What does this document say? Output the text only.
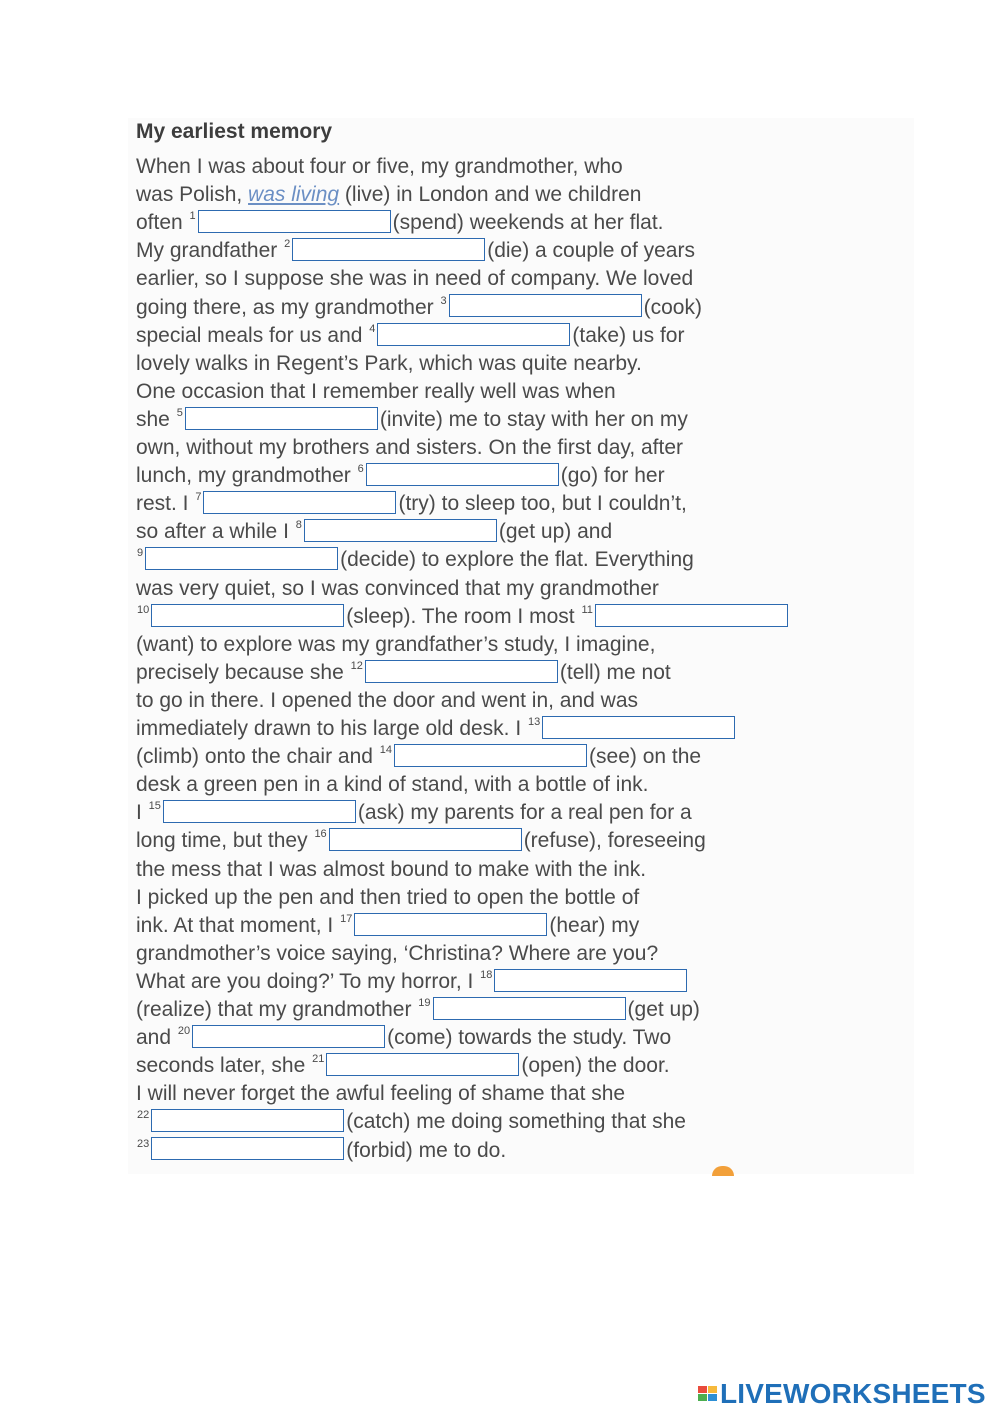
My earliest memory
When I was about four or five, my grandmother, who
was Polish, was living (live) in London and we children
often $^1$	(spend) weekends at her flat.
My grandfather $^2$	(die) a couple of years
earlier, so I suppose she was in need of company. We loved
going there, as my grandmother $^3$	(cook)
special meals for us and $^4$	(take) us for
lovely walks in Regent’s Park, which was quite nearby.
One occasion that I remember really well was when
she $^5$	(invite) me to stay with her on my
own, without my brothers and sisters. On the first day, after
lunch, my grandmother $^6$	(go) for her
rest. I $^7$	(try) to sleep too, but I couldn’t,
so after a while I $^8$	(get up) and
$^9$	(decide) to explore the flat. Everything
was very quiet, so I was convinced that my grandmother
$^{10}$	(sleep). The room I most $^{11}$
(want) to explore was my grandfather’s study, I imagine,
precisely because she $^{12}$	(tell) me not
to go in there. I opened the door and went in, and was
immediately drawn to his large old desk. I $^{13}$
(climb) onto the chair and $^{14}$	(see) on the
desk a green pen in a kind of stand, with a bottle of ink.
I $^{15}$	(ask) my parents for a real pen for a
long time, but they $^{16}$	(refuse), foreseeing
the mess that I was almost bound to make with the ink.
I picked up the pen and then tried to open the bottle of
ink. At that moment, I $^{17}$	(hear) my
grandmother’s voice saying, ‘Christina? Where are you?
What are you doing?’ To my horror, I $^{18}$
(realize) that my grandmother $^{19}$	(get up)
and $^{20}$	(come) towards the study. Two
seconds later, she $^{21}$	(open) the door.
I will never forget the awful feeling of shame that she
$^{22}$	(catch) me doing something that she
$^{23}$	(forbid) me to do.
LIVEWORKSHEETS
